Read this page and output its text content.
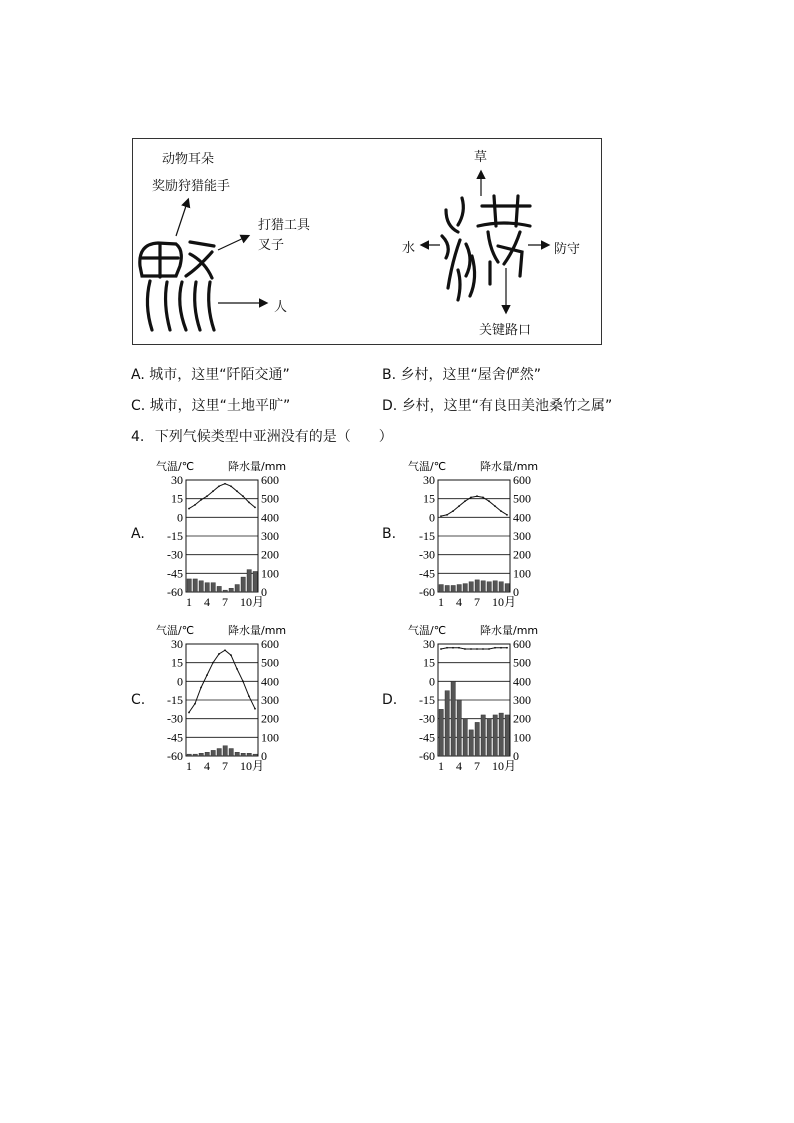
动物耳朵
奖励狩猎能手
打猎工具
叉子
人
草
水	防守
关键路口
A. 城市，这里“阡陌交通”	B. 乡村，这里“屋舍俨然”
C. 城市，这里“土地平旷”	D. 乡村，这里“有良田美池桑竹之属”
4. 下列气候类型中亚洲没有的是（　　）
A.	B.
C.	D.
气温/℃	降水量/mm
30	600
15	500
0	400
-15	300
-30	200
-45	100
-60	0
1 4 7 10月
气温/℃	降水量/mm
30	600
15	500
0	400
-15	300
-30	200
-45	100
-60	0
1 4 7 10月
气温/℃	降水量/mm
30	600
15	500
0	400
-15	300
-30	200
-45	100
-60	0
1 4 7 10月
气温/℃	降水量/mm
30	600
15	500
0	400
-15	300
-30	200
-45	100
-60	0
1 4 7 10月
